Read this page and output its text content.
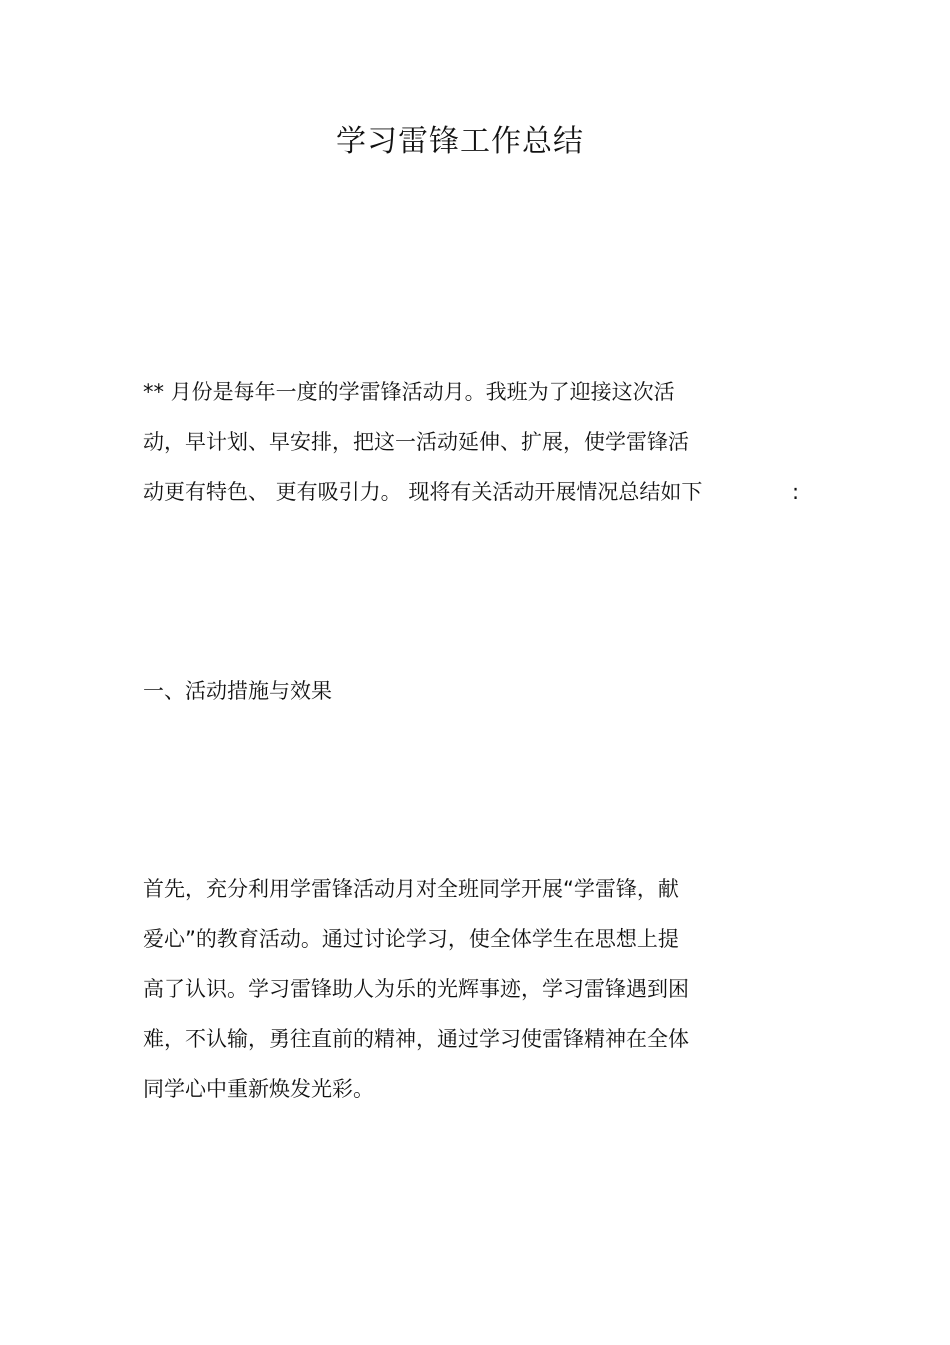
学习雷锋工作总结

** 月份是每年一度的学雷锋活动月。我班为了迎接这次活

动，早计划、早安排，把这一活动延伸、扩展，使学雷锋活

动更有特色、 更有吸引力。 现将有关活动开展情况总结如下	:
一、活动措施与效果

首先，充分利用学雷锋活动月对全班同学开展“学雷锋，献

爱心”的教育活动。通过讨论学习，使全体学生在思想上提

高了认识。学习雷锋助人为乐的光辉事迹，学习雷锋遇到困

难，不认输，勇往直前的精神，通过学习使雷锋精神在全体

同学心中重新焕发光彩。
